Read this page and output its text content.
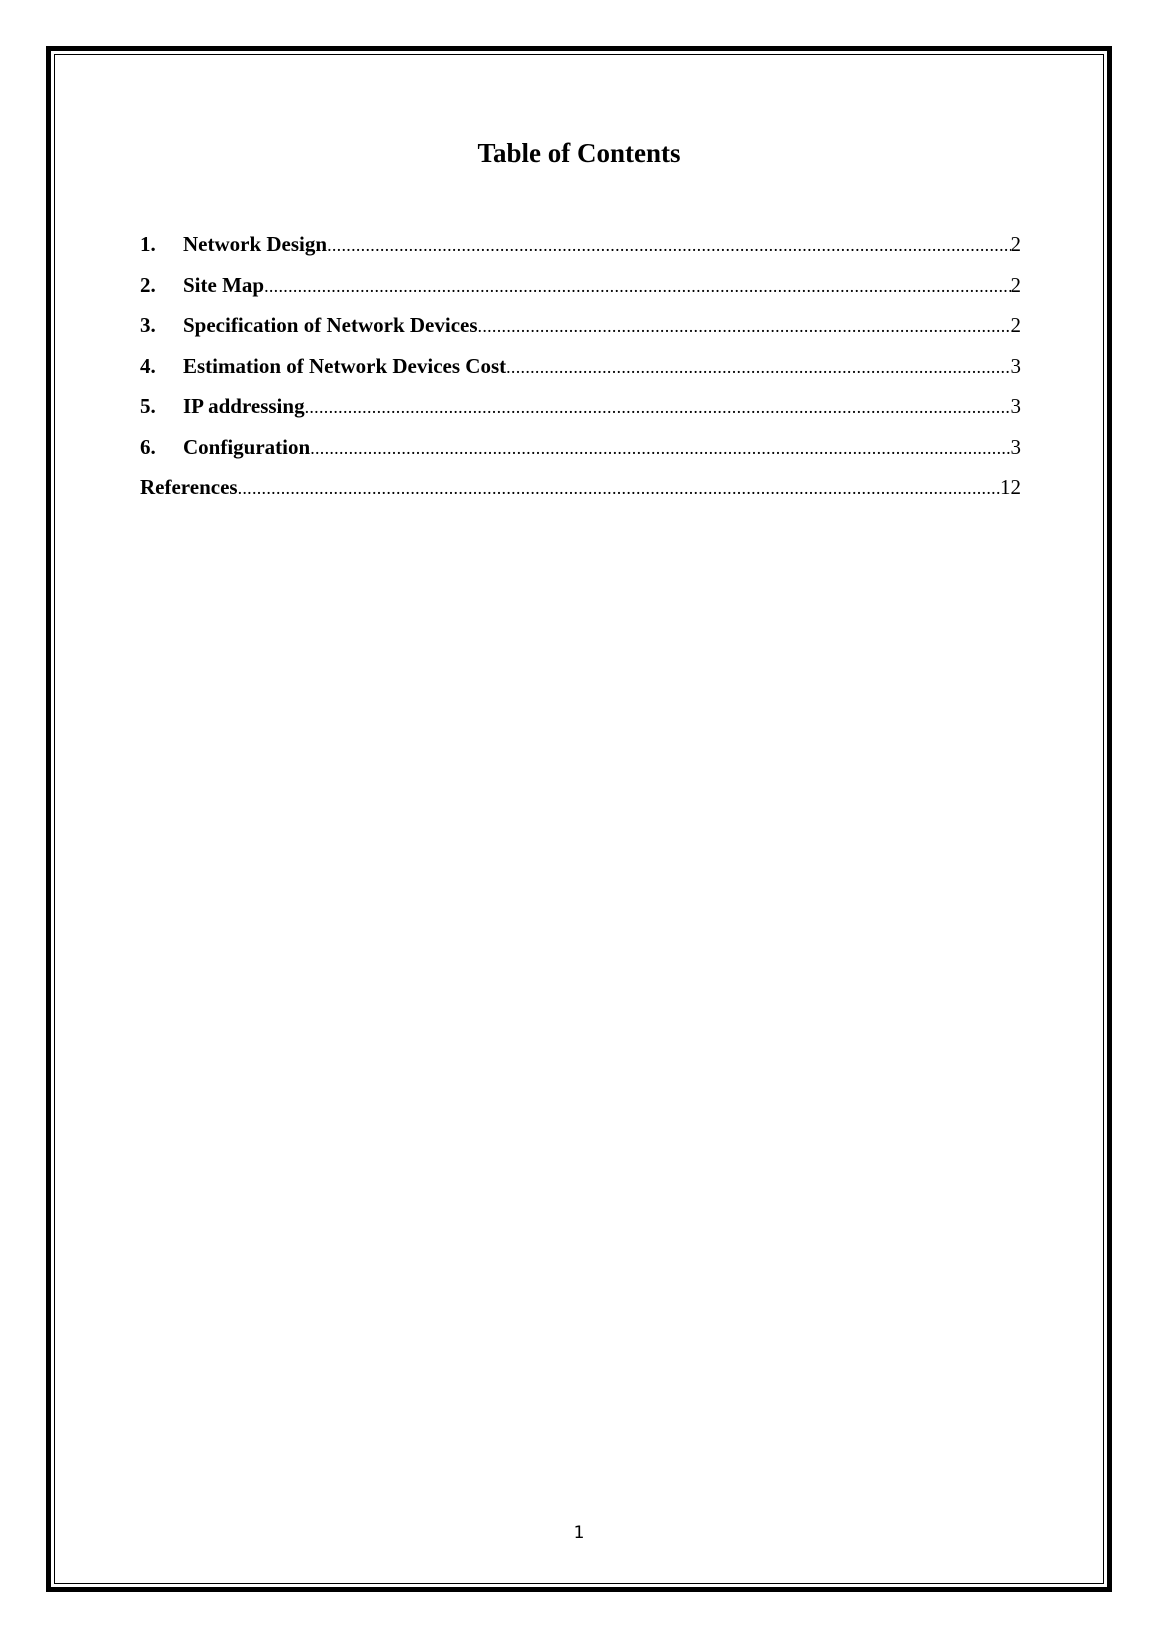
Table of Contents
1.	Network Design .....	2
2.	Site Map .....	2
3.	Specification of Network Devices .....	2
4.	Estimation of Network Devices Cost .....	3
5.	IP addressing .....	3
6.	Configuration .....	3
References .....	12
1
